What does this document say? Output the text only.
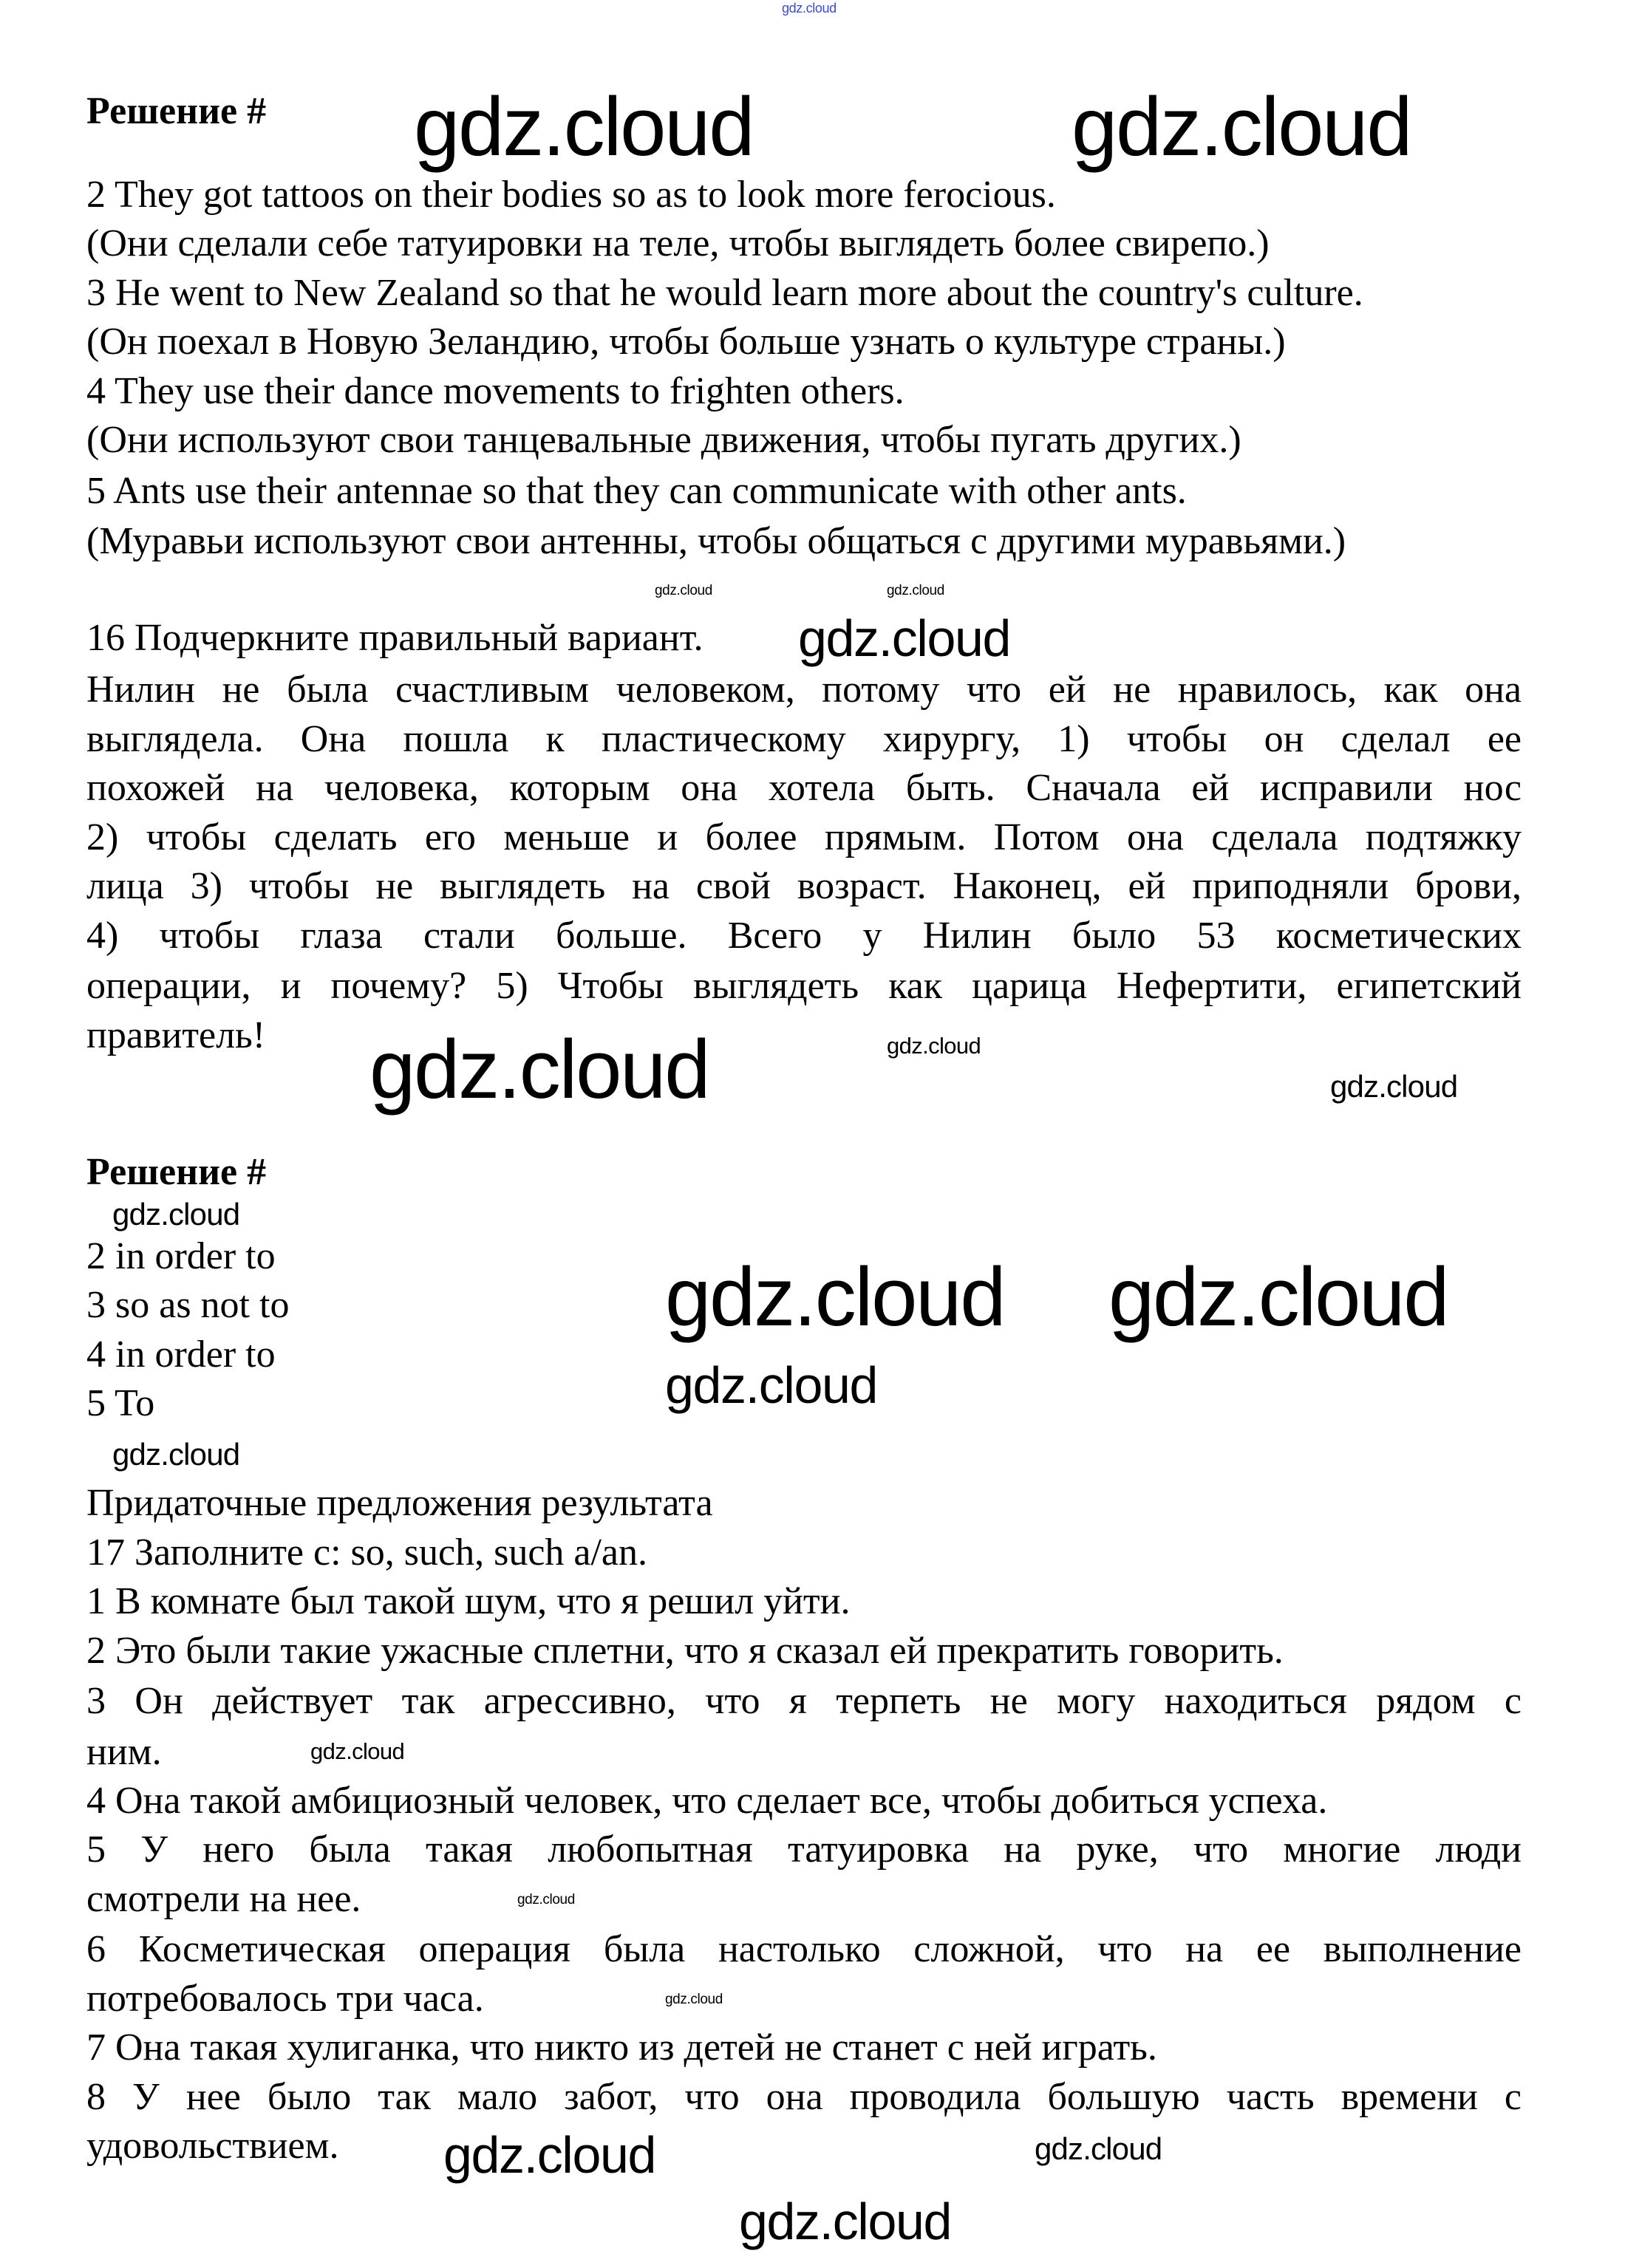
Решение #
2 They got tattoos on their bodies so as to look more ferocious.
(Они сделали себе татуировки на теле, чтобы выглядеть более свирепо.)
3 He went to New Zealand so that he would learn more about the country's culture.
(Он поехал в Новую Зеландию, чтобы больше узнать о культуре страны.)
4 They use their dance movements to frighten others.
(Они используют свои танцевальные движения, чтобы пугать других.)
5 Ants use their antennae so that they can communicate with other ants.
(Муравьи используют свои антенны, чтобы общаться с другими муравьями.)
16 Подчеркните правильный вариант.
Нилин не была счастливым человеком, потому что ей не нравилось, как она
выглядела. Она пошла к пластическому хирургу, 1) чтобы он сделал ее
похожей на человека, которым она хотела быть. Сначала ей исправили нос
2) чтобы сделать его меньше и более прямым. Потом она сделала подтяжку
лица 3) чтобы не выглядеть на свой возраст. Наконец, ей приподняли брови,
4) чтобы глаза стали больше. Всего у Нилин было 53 косметических
операции, и почему? 5) Чтобы выглядеть как царица Нефертити, египетский
правитель!
Решение #
2 in order to
3 so as not to
4 in order to
5 To
Придаточные предложения результата
17 Заполните с: so, such, such a/an.
1 В комнате был такой шум, что я решил уйти.
2 Это были такие ужасные сплетни, что я сказал ей прекратить говорить.
3 Он действует так агрессивно, что я терпеть не могу находиться рядом с
ним.
4 Она такой амбициозный человек, что сделает все, чтобы добиться успеха.
5 У него была такая любопытная татуировка на руке, что многие люди
смотрели на нее.
6 Косметическая операция была настолько сложной, что на ее выполнение
потребовалось три часа.
7 Она такая хулиганка, что никто из детей не станет с ней играть.
8 У нее было так мало забот, что она проводила большую часть времени с
удовольствием.
gdz.cloud
gdz.cloud	gdz.cloud
gdz.cloud
gdz.cloud
gdz.cloud
gdz.cloud
gdz.cloud
gdz.cloud
gdz.cloud
gdz.cloud
gdz.cloud
gdz.cloud
gdz.cloud
gdz.cloud
gdz.cloud
gdz.cloud
gdz.cloud
gdz.cloud	gdz.cloud
